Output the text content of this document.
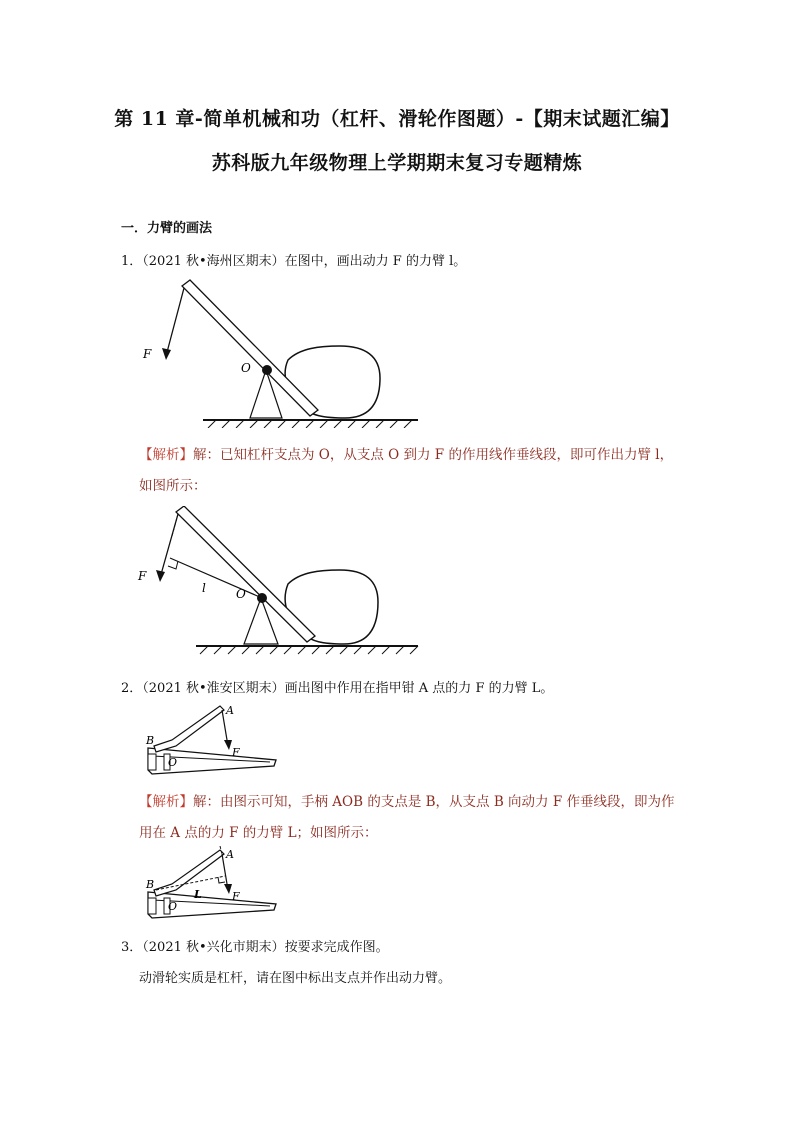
第 11 章-简单机械和功（杠杆、滑轮作图题）-【期末试题汇编】
苏科版九年级物理上学期期末复习专题精炼
一．力臂的画法
1．（2021 秋•海州区期末）在图中，画出动力 F 的力臂 l。
F
O
【解析】解：已知杠杆支点为 O，从支点 O 到力 F 的作用线作垂线段，即可作出力臂 l，
如图所示：
F
l	O
2．（2021 秋•淮安区期末）画出图中作用在指甲钳 A 点的力 F 的力臂 L。
A
B
O
F
【解析】解：由图示可知，手柄 AOB 的支点是 B，从支点 B 向动力 F 作垂线段，即为作
用在 A 点的力 F 的力臂 L；如图所示：
A
B
O
L	F
3．（2021 秋•兴化市期末）按要求完成作图。
动滑轮实质是杠杆，请在图中标出支点并作出动力臂。
